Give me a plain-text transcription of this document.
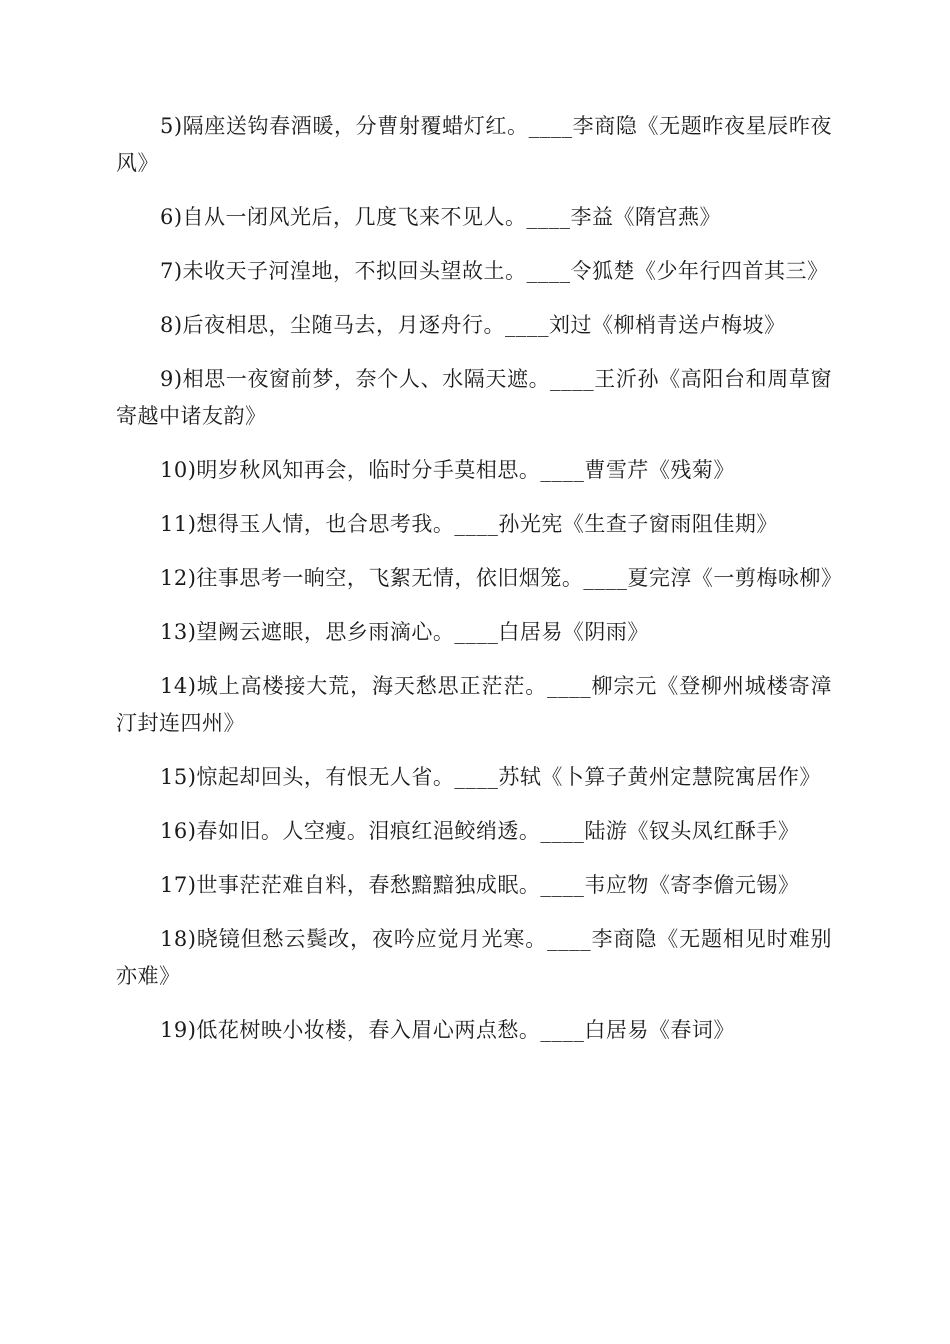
5)隔座送钩春酒暖，分曹射覆蜡灯红。____李商隐《无题昨夜星辰昨夜风》

6)自从一闭风光后，几度飞来不见人。____李益《隋宫燕》

7)未收天子河湟地，不拟回头望故土。____令狐楚《少年行四首其三》

8)后夜相思，尘随马去，月逐舟行。____刘过《柳梢青送卢梅坡》

9)相思一夜窗前梦，奈个人、水隔天遮。____王沂孙《高阳台和周草窗寄越中诸友韵》

10)明岁秋风知再会，临时分手莫相思。____曹雪芹《残菊》

11)想得玉人情，也合思考我。____孙光宪《生查子窗雨阻佳期》

12)往事思考一晌空，飞絮无情，依旧烟笼。____夏完淳《一剪梅咏柳》

13)望阙云遮眼，思乡雨滴心。____白居易《阴雨》

14)城上高楼接大荒，海天愁思正茫茫。____柳宗元《登柳州城楼寄漳汀封连四州》

15)惊起却回头，有恨无人省。____苏轼《卜算子黄州定慧院寓居作》

16)春如旧。人空瘦。泪痕红浥鲛绡透。____陆游《钗头凤红酥手》

17)世事茫茫难自料，春愁黯黯独成眠。____韦应物《寄李儋元锡》

18)晓镜但愁云鬓改，夜吟应觉月光寒。____李商隐《无题相见时难别亦难》

19)低花树映小妆楼，春入眉心两点愁。____白居易《春词》
